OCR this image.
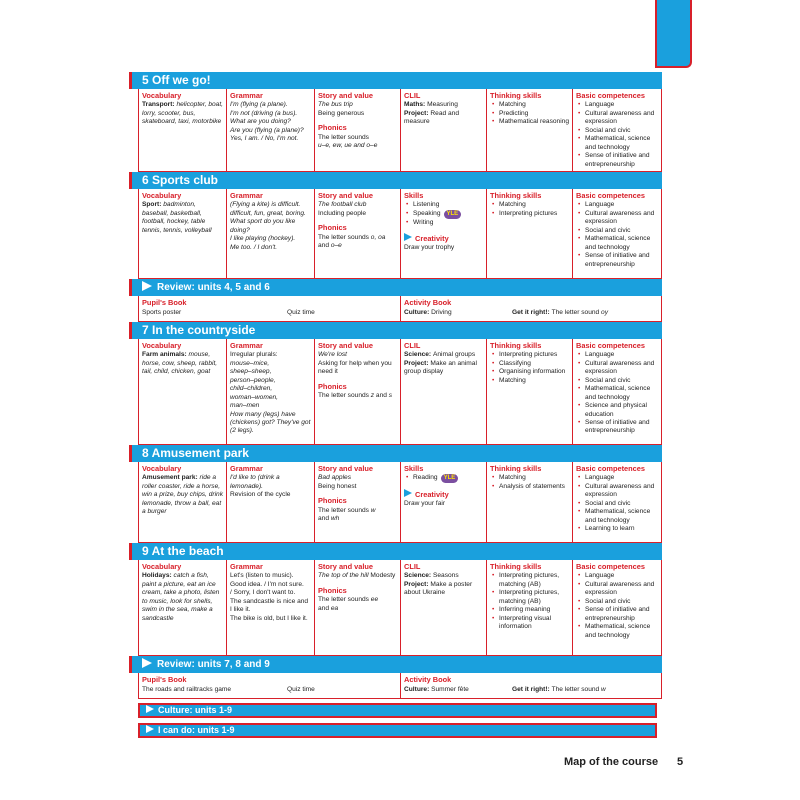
5 Off we go!
Vocabulary
Transport: helicopter, boat, lorry, scooter, bus, skateboard, taxi, motorbike
Grammar
I'm (flying (a plane).
I'm not (driving (a bus).
What are you doing?
Are you (flying (a plane)?
Yes, I am. / No, I'm not.
Story and value
The bus trip
Being generous
Phonics
The letter sounds
u–e, ew, ue and o–e
CLIL
Maths: Measuring
Project: Read and measure
Thinking skills
• Matching
• Predicting
• Mathematical reasoning
Basic competences
• Language
• Cultural awareness and expression
• Social and civic
• Mathematical, science and technology
• Sense of initiative and entrepreneurship
6 Sports club
Vocabulary
Sport: badminton, baseball, basketball, football, hockey, table tennis, tennis, volleyball
Grammar
(Flying a kite) is difficult.
difficult, fun, great, boring.
What sport do you like doing?
I like playing (hockey).
Me too. / I don't.
Story and value
The football club
Including people
Phonics
The letter sounds o, oa
and o–e
Skills
• Listening
• Speaking YLE
• Writing
Creativity
Draw your trophy
Thinking skills
• Matching
• Interpreting pictures
Basic competences
• Language
• Cultural awareness and expression
• Social and civic
• Mathematical, science and technology
• Sense of initiative and entrepreneurship
7 In the countryside
Vocabulary
Farm animals: mouse, horse, cow, sheep, rabbit, tail, child, chicken, goat
Grammar
Irregular plurals:
mouse–mice,
sheep–sheep,
person–people,
child–children,
woman–women,
man–men
How many (legs) have (chickens) got? They've got (2 legs).
Story and value
We're lost
Asking for help when you need it
Phonics
The letter sounds z and s
CLIL
Science: Animal groups
Project: Make an animal group display
Thinking skills
• Interpreting pictures
• Classifying
• Organising information
• Matching
Basic competences
• Language
• Cultural awareness and expression
• Social and civic
• Mathematical, science and technology
• Science and physical education
• Sense of initiative and entrepreneurship
8 Amusement park
Vocabulary
Amusement park: ride a roller coaster, ride a horse, win a prize, buy chips, drink lemonade, throw a ball, eat a burger
Grammar
I'd like to (drink a lemonade).
Revision of the cycle
Story and value
Bad apples
Being honest
Phonics
The letter sounds w
and wh
Skills
• Reading YLE
Creativity
Draw your fair
Thinking skills
• Matching
• Analysis of statements
Basic competences
• Language
• Cultural awareness and expression
• Social and civic
• Mathematical, science and technology
• Learning to learn
9 At the beach
Vocabulary
Holidays: catch a fish, paint a picture, eat an ice cream, take a photo, listen to music, look for shells, swim in the sea, make a sandcastle
Grammar
Let's (listen to music).
Good idea. / I'm not sure.
/ Sorry, I don't want to.
The sandcastle is nice and I like it.
The bike is old, but I like it.
Story and value
The top of the hill Modesty
Phonics
The letter sounds ee
and ea
CLIL
Science: Seasons
Project: Make a poster about Ukraine
Thinking skills
• Interpreting pictures, matching (AB)
• Interpreting pictures, matching (AB)
• Inferring meaning
• Interpreting visual information
Basic competences
• Language
• Cultural awareness and expression
• Social and civic
• Sense of initiative and entrepreneurship
• Mathematical, science and technology
Review: units 4, 5 and 6
Pupil's Book
Sports poster	Quiz time
Activity Book
Culture: Driving	Get it right!: The letter sound oy
Review: units 7, 8 and 9
Pupil's Book
The roads and railtracks game	Quiz time
Activity Book
Culture: Summer fête	Get it right!: The letter sound w
Culture: units 1-9
I can do: units 1-9
Map of the course 5
